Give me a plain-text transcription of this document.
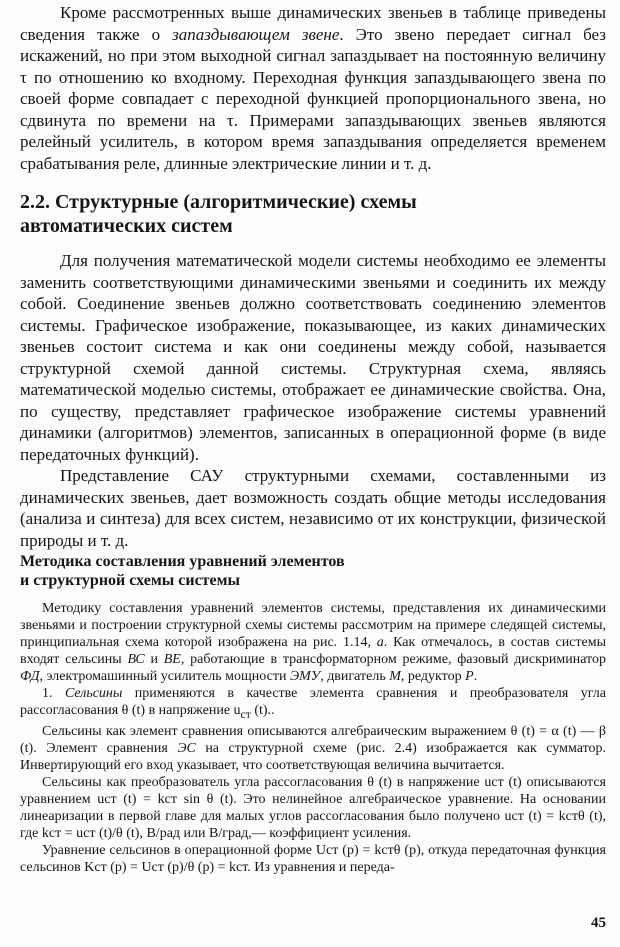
Кроме рассмотренных выше динамических звеньев в таблице приведены сведения также о запаздывающем звене. Это звено передает сигнал без искажений, но при этом выходной сигнал запаздывает на постоянную величину τ по отношению ко входному. Переходная функция запаздывающего звена по своей форме совпадает с переходной функцией пропорционального звена, но сдвинута по времени на τ. Примерами запаздывающих звеньев являются релейный усилитель, в котором время запаздывания определяется временем срабатывания реле, длинные электрические линии и т. д.

2.2. Структурные (алгоритмические) схемы
автоматических систем

Для получения математической модели системы необходимо ее элементы заменить соответствующими динамическими звеньями и соединить их между собой. Соединение звеньев должно соответствовать соединению элементов системы. Графическое изображение, показывающее, из каких динамических звеньев состоит система и как они соединены между собой, называется структурной схемой данной системы. Структурная схема, являясь математической моделью системы, отображает ее динамические свойства. Она, по существу, представляет графическое изображение системы уравнений динамики (алгоритмов) элементов, записанных в операционной форме (в виде передаточных функций).

Представление САУ структурными схемами, составленными из динамических звеньев, дает возможность создать общие методы исследования (анализа и синтеза) для всех систем, независимо от их конструкции, физической природы и т. д.

Методика составления уравнений элементов
и структурной схемы системы

Методику составления уравнений элементов системы, представления их динамическими звеньями и построении структурной схемы системы рассмотрим на примере следящей системы, принципиальная схема которой изображена на рис. 1.14, а. Как отмечалось, в состав системы входят сельсины ВС и BE, работающие в трансформаторном режиме, фазовый дискриминатор ФД, электромашинный усилитель мощности ЭМУ, двигатель М, редуктор Р.

1. Сельсины применяются в качестве элемента сравнения и преобразователя угла рассогласования θ (t) в напряжение $u_{ст}$ (t)..

Сельсины как элемент сравнения описываются алгебраическим выражением θ (t) = α (t) — β (t). Элемент сравнения ЭС на структурной схеме (рис. 2.4) изображается как сумматор. Инвертирующий его вход указывает, что соответствующая величина вычитается.

Сельсины как преобразователь угла рассогласования θ (t) в напряжение uст (t) описываются уравнением uст (t) = kст sin θ (t). Это нелинейное алгебраическое уравнение. На основании линеаризации в первой главе для малых углов рассогласования было получено uст (t) = kстθ (t), где kст = uст (t)/θ (t), В/рад или В/град,— коэффициент усиления.

Уравнение сельсинов в операционной форме Uст (p) = kстθ (p), откуда передаточная функция сельсинов Kст (p) = Uст (p)/θ (p) = kст. Из уравнения и переда-

45
